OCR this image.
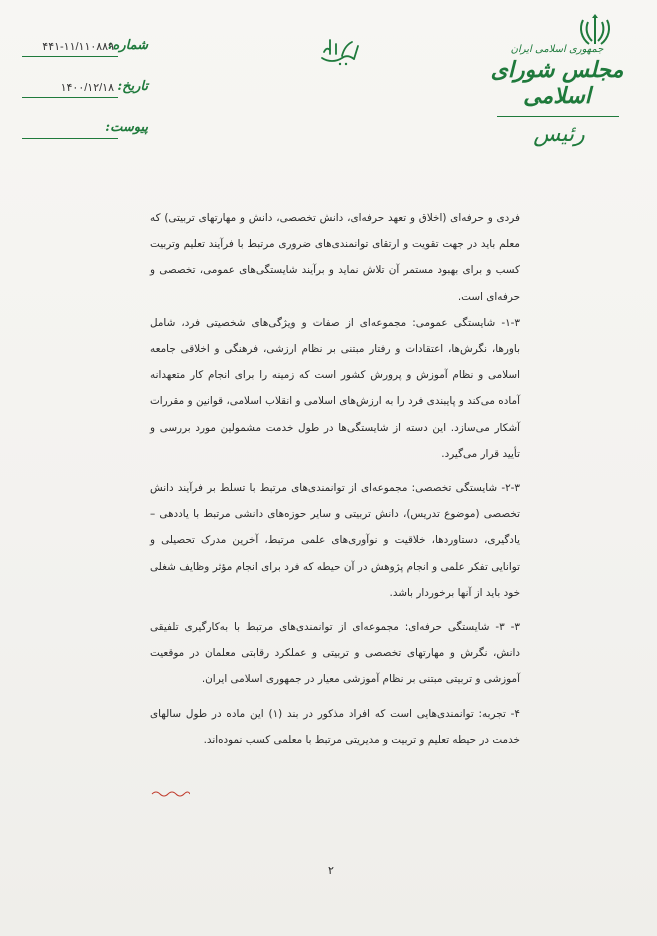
جمهوری اسلامی ایران
مجلس شورای اسلامی
رئیس
شماره:
۴۴۱-۱۱/۱۱۰۸۸۹
تاریخ:
۱۴۰۰/۱۲/۱۸
پیوست:

فردی و حرفه‌ای (اخلاق و تعهد حرفه‌ای، دانش تخصصی، دانش و مهارتهای تربیتی) که معلم باید در جهت تقویت و ارتقای توانمندی‌های ضروری مرتبط با فرآیند تعلیم وتربیت کسب و برای بهبود مستمر آن تلاش نماید و برآیند شایستگی‌های عمومی، تخصصی و حرفه‌ای است.

۱-۳- شایستگی عمومی: مجموعه‌ای از صفات و ویژگی‌های شخصیتی فرد، شامل باورها، نگرش‌ها، اعتقادات و رفتار مبتنی بر نظام ارزشی، فرهنگی و اخلاقی جامعه اسلامی و نظام آموزش و پرورش کشور است که زمینه را برای انجام کار متعهدانه آماده می‌کند و پایبندی فرد را به ارزش‌های اسلامی و انقلاب اسلامی، قوانین و مقررات آشکار می‌سازد. این دسته از شایستگی‌ها در طول خدمت مشمولین مورد بررسی و تأیید قرار می‌گیرد.

۲-۳- شایستگی تخصصی: مجموعه‌ای از توانمندی‌های مرتبط با تسلط بر فرآیند دانش تخصصی (موضوع تدریس)، دانش تربیتی و سایر حوزه‌های دانشی مرتبط با یاددهی – یادگیری، دستاوردها، خلاقیت و نوآوری‌های علمی مرتبط، آخرین مدرک تحصیلی و توانایی تفکر علمی و انجام پژوهش در آن حیطه که فرد برای انجام مؤثر وظایف شغلی خود باید از آنها برخوردار باشد.

۳- ۳- شایستگی حرفه‌ای: مجموعه‌ای از توانمندی‌های مرتبط با به‌کارگیری تلفیقی دانش، نگرش و مهارتهای تخصصی و تربیتی و عملکرد رقابتی معلمان در موقعیت آموزشی و تربیتی مبتنی بر نظام آموزشی معیار در جمهوری اسلامی ایران.

۴- تجربه: توانمندی‌هایی است که افراد مذکور در بند (۱) این ماده در طول سالهای خدمت در حیطه تعلیم و تربیت و مدیریتی مرتبط با معلمی کسب نموده‌اند.

۲
